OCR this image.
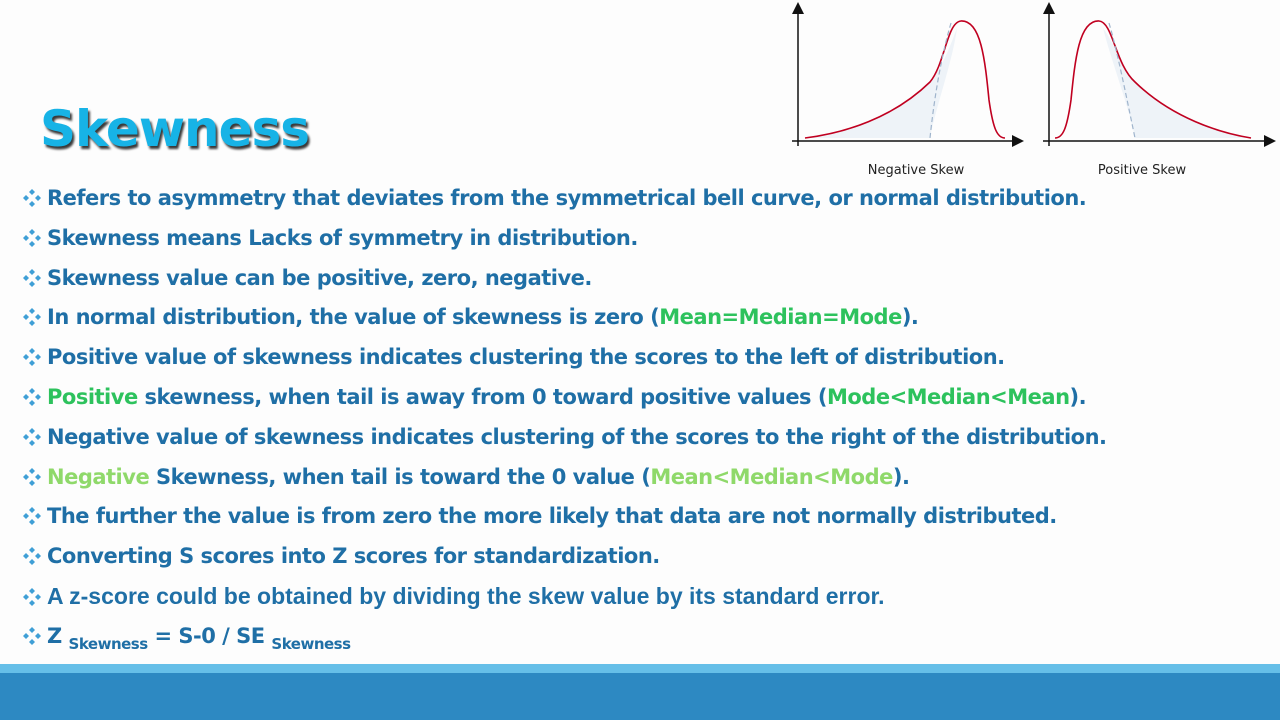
Skewness
Negative Skew	Positive Skew
Refers to asymmetry that deviates from the symmetrical bell curve, or normal distribution.
Skewness means Lacks of symmetry in distribution.
Skewness value can be positive, zero, negative.
In normal distribution, the value of skewness is zero (Mean=Median=Mode).
Positive value of skewness indicates clustering the scores to the left of distribution.
Positive skewness, when tail is away from 0 toward positive values (Mode<Median<Mean).
Negative value of skewness indicates clustering of the scores to the right of the distribution.
Negative Skewness, when tail is toward the 0 value (Mean<Median<Mode).
The further the value is from zero the more likely that data are not normally distributed.
Converting S scores into Z scores for standardization.
A z-score could be obtained by dividing the skew value by its standard error.
Z $_{Skewness}$ = S-0 / SE $_{Skewness}$
